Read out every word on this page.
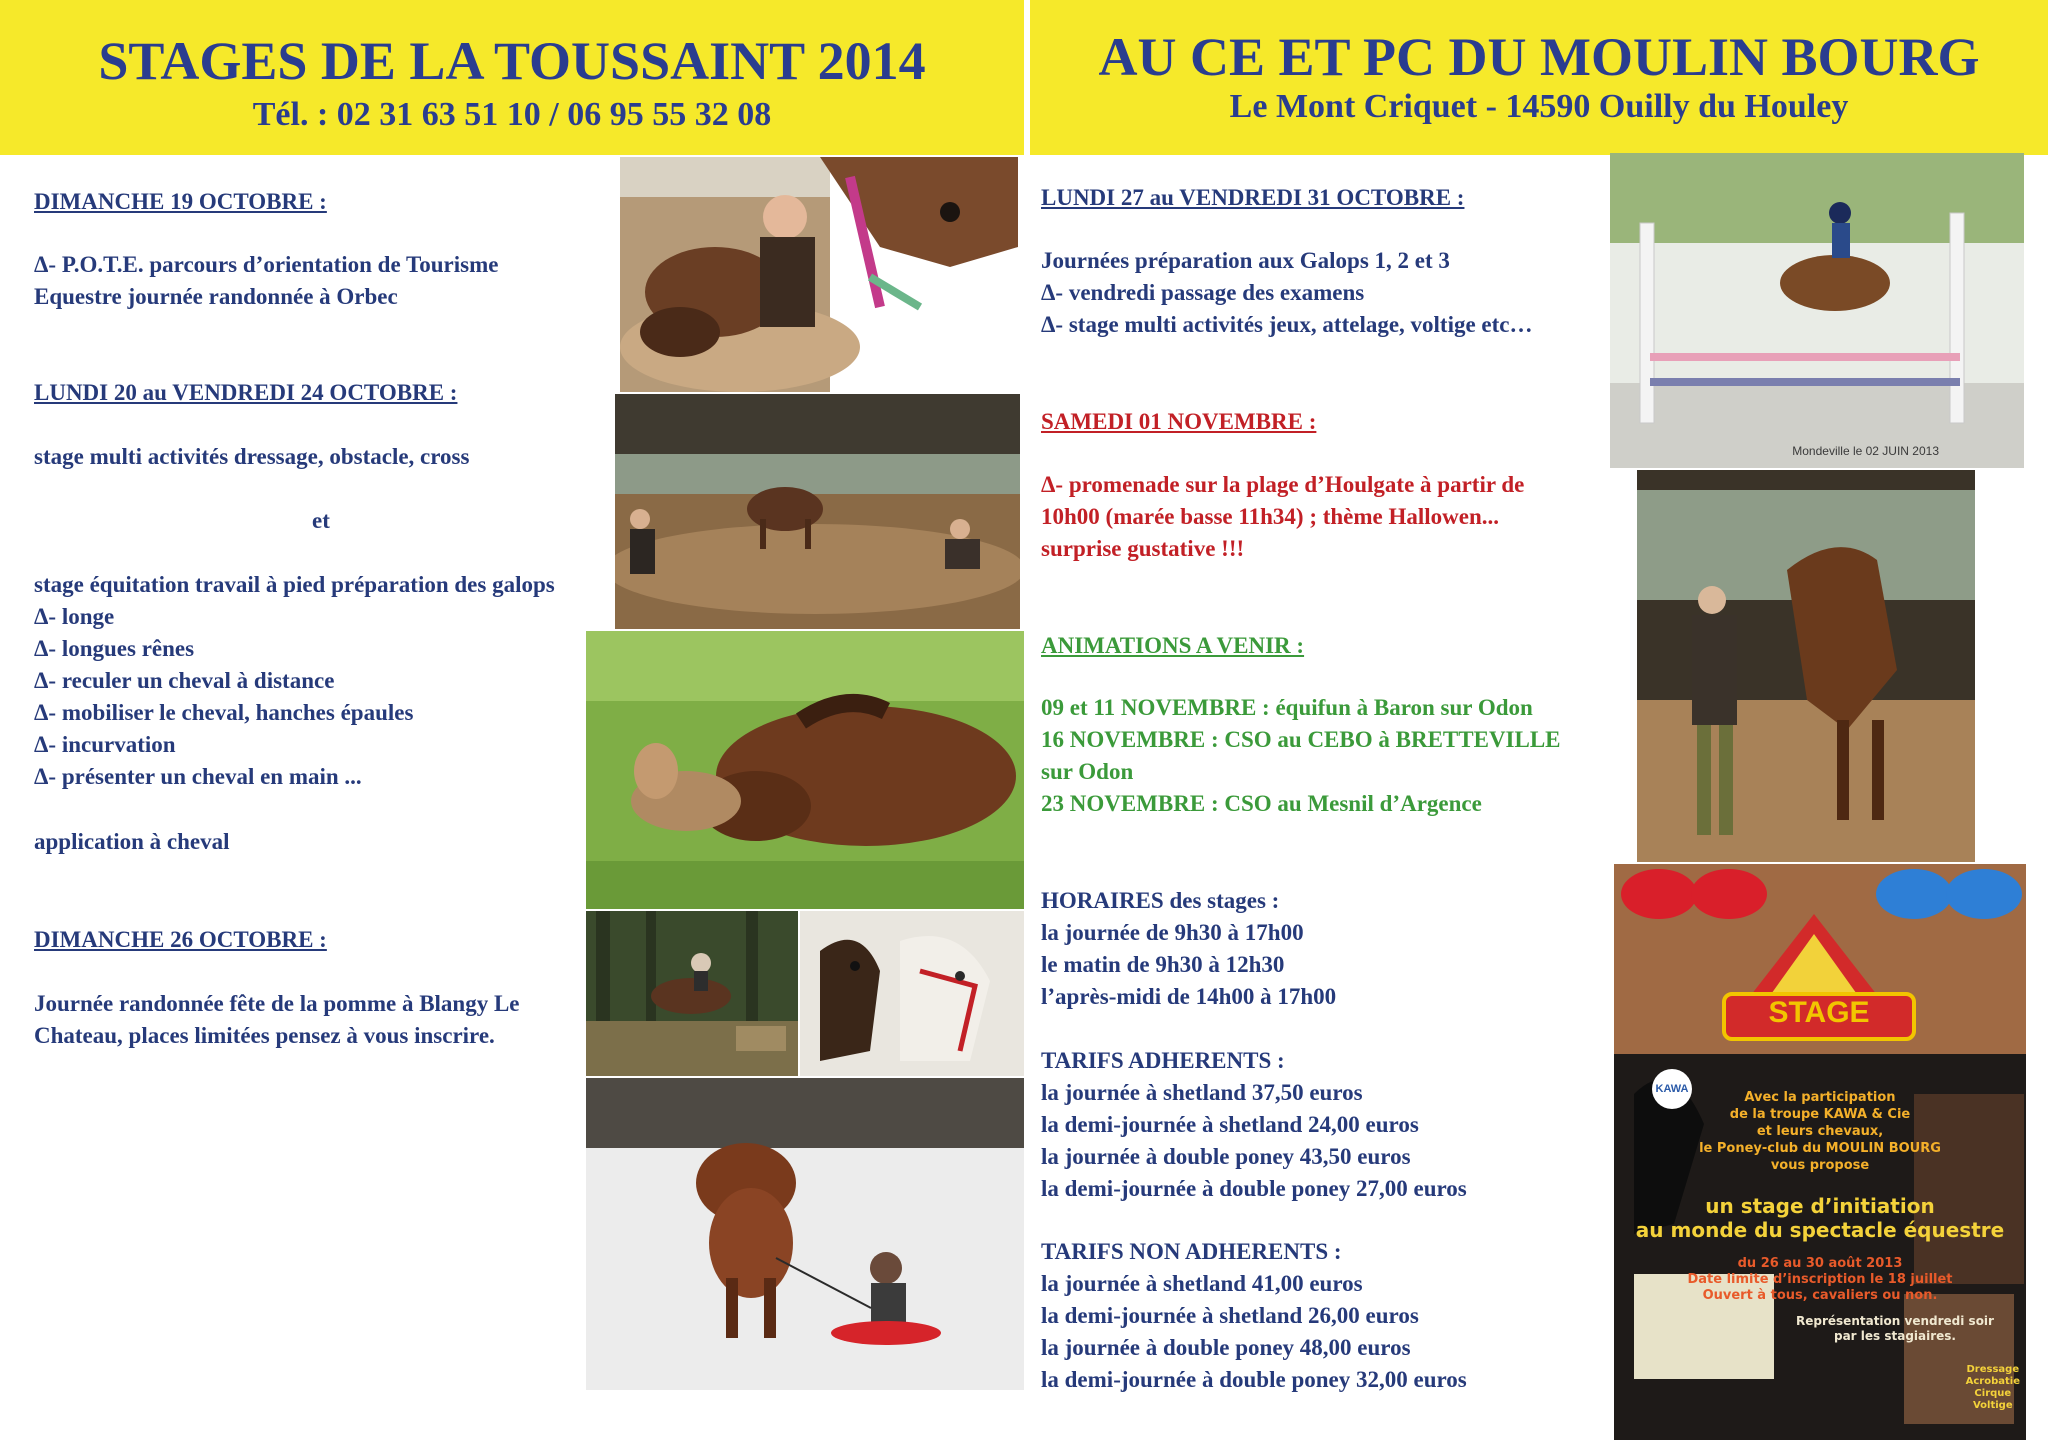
STAGES DE LA TOUSSAINT 2014
Tél. : 02 31 63 51 10 / 06 95 55 32 08
AU CE ET PC DU MOULIN BOURG
Le Mont Criquet - 14590 Ouilly du Houley

DIMANCHE 19 OCTOBRE :

Δ- P.O.T.E. parcours d’orientation de Tourisme

Equestre journée randonnée à Orbec

LUNDI 20 au VENDREDI 24 OCTOBRE :

stage multi activités dressage, obstacle, cross

et

stage équitation travail à pied préparation des galops

Δ- longe

Δ- longues rênes

Δ- reculer un cheval à distance

Δ- mobiliser le cheval, hanches épaules

Δ- incurvation

Δ- présenter un cheval en main ...

application à cheval

DIMANCHE 26 OCTOBRE :

Journée randonnée fête de la pomme à Blangy Le

Chateau, places limitées pensez à vous inscrire.

LUNDI 27 au VENDREDI 31 OCTOBRE :

Journées préparation aux Galops 1, 2 et 3

Δ- vendredi passage des examens

Δ- stage multi activités jeux, attelage, voltige etc…

SAMEDI 01 NOVEMBRE :

Δ- promenade sur la plage d’Houlgate à partir de

10h00 (marée basse 11h34) ; thème Hallowen...

surprise gustative !!!

ANIMATIONS A VENIR :

09 et 11 NOVEMBRE : équifun à Baron sur Odon

16 NOVEMBRE : CSO au CEBO à BRETTEVILLE

sur Odon

23 NOVEMBRE : CSO au Mesnil d’Argence

HORAIRES des stages :

la journée de 9h30 à 17h00

le matin de 9h30 à 12h30

l’après-midi de 14h00 à 17h00

TARIFS ADHERENTS :

la journée à shetland 37,50 euros

la demi-journée à shetland 24,00 euros

la journée à double poney 43,50 euros

la demi-journée à double poney 27,00 euros

TARIFS NON ADHERENTS :

la journée à shetland 41,00 euros

la demi-journée à shetland 26,00 euros

la journée à double poney 48,00 euros

la demi-journée à double poney 32,00 euros

Mondeville le 02 JUIN 2013
STAGE
KAWA
Avec la participation
de la troupe KAWA & Cie
et leurs chevaux,
le Poney-club du MOULIN BOURG
vous propose
un stage d’initiation
au monde du spectacle équestre
du 26 au 30 août 2013
Date limite d’inscription le 18 juillet
Ouvert à tous, cavaliers ou non.
Représentation vendredi soir
par les stagiaires.
Dressage
Acrobatie
Cirque
Voltige
